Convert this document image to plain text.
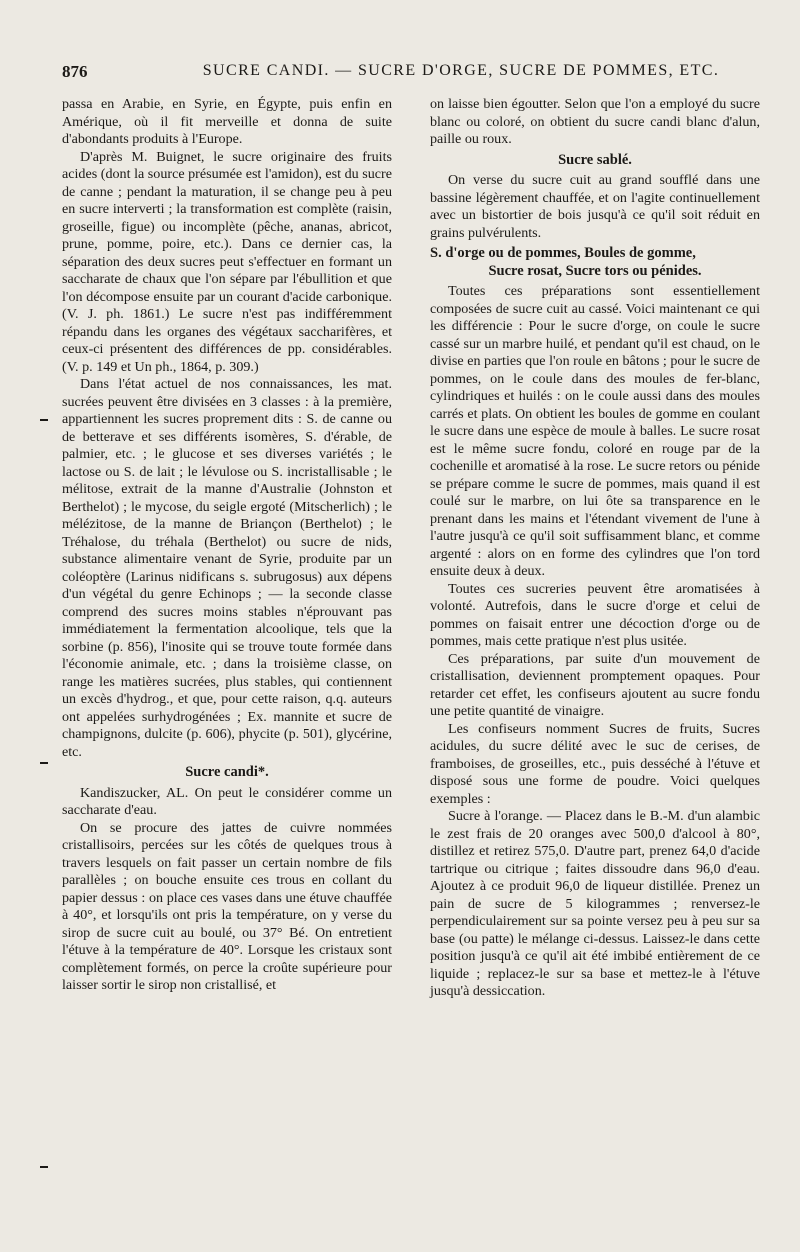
876	SUCRE CANDI. — SUCRE D'ORGE, SUCRE DE POMMES, ETC.

passa en Arabie, en Syrie, en Égypte, puis enfin en Amérique, où il fit merveille et donna de suite d'abondants produits à l'Europe.

D'après M. Buignet, le sucre originaire des fruits acides (dont la source présumée est l'amidon), est du sucre de canne ; pendant la maturation, il se change peu à peu en sucre interverti ; la transformation est complète (raisin, groseille, figue) ou incomplète (pêche, ananas, abricot, prune, pomme, poire, etc.). Dans ce dernier cas, la séparation des deux sucres peut s'effectuer en formant un saccharate de chaux que l'on sépare par l'ébullition et que l'on décompose ensuite par un courant d'acide carbonique. (V. J. ph. 1861.) Le sucre n'est pas indifféremment répandu dans les organes des végétaux saccharifères, et ceux-ci présentent des différences de pp. considérables. (V. p. 149 et Un ph., 1864, p. 309.)

Dans l'état actuel de nos connaissances, les mat. sucrées peuvent être divisées en 3 classes : à la première, appartiennent les sucres proprement dits : S. de canne ou de betterave et ses différents isomères, S. d'érable, de palmier, etc. ; le glucose et ses diverses variétés ; le lactose ou S. de lait ; le lévulose ou S. incristallisable ; le mélitose, extrait de la manne d'Australie (Johnston et Berthelot) ; le mycose, du seigle ergoté (Mitscherlich) ; le mélézitose, de la manne de Briançon (Berthelot) ; le Tréhalose, du tréhala (Berthelot) ou sucre de nids, substance alimentaire venant de Syrie, produite par un coléoptère (Larinus nidificans s. subrugosus) aux dépens d'un végétal du genre Echinops ; — la seconde classe comprend des sucres moins stables n'éprouvant pas immédiatement la fermentation alcoolique, tels que la sorbine (p. 856), l'inosite qui se trouve toute formée dans l'économie animale, etc. ; dans la troisième classe, on range les matières sucrées, plus stables, qui contiennent un excès d'hydrog., et que, pour cette raison, q.q. auteurs ont appelées surhydrogénées ; Ex. mannite et sucre de champignons, dulcite (p. 606), phycite (p. 501), glycérine, etc.

Sucre candi*.

Kandiszucker, AL. On peut le considérer comme un saccharate d'eau.

On se procure des jattes de cuivre nommées cristallisoirs, percées sur les côtés de quelques trous à travers lesquels on fait passer un certain nombre de fils parallèles ; on bouche ensuite ces trous en collant du papier dessus : on place ces vases dans une étuve chauffée à 40°, et lorsqu'ils ont pris la température, on y verse du sirop de sucre cuit au boulé, ou 37° Bé. On entretient l'étuve à la température de 40°. Lorsque les cristaux sont complètement formés, on perce la croûte supérieure pour laisser sortir le sirop non cristallisé, et

on laisse bien égoutter. Selon que l'on a employé du sucre blanc ou coloré, on obtient du sucre candi blanc d'alun, paille ou roux.

Sucre sablé.

On verse du sucre cuit au grand soufflé dans une bassine légèrement chauffée, et on l'agite continuellement avec un bistortier de bois jusqu'à ce qu'il soit réduit en grains pulvérulents.

S. d'orge ou de pommes, Boules de gomme,
Sucre rosat, Sucre tors ou pénides.

Toutes ces préparations sont essentiellement composées de sucre cuit au cassé. Voici maintenant ce qui les différencie : Pour le sucre d'orge, on coule le sucre cassé sur un marbre huilé, et pendant qu'il est chaud, on le divise en parties que l'on roule en bâtons ; pour le sucre de pommes, on le coule dans des moules de fer-blanc, cylindriques et huilés : on le coule aussi dans des moules carrés et plats. On obtient les boules de gomme en coulant le sucre dans une espèce de moule à balles. Le sucre rosat est le même sucre fondu, coloré en rouge par de la cochenille et aromatisé à la rose. Le sucre retors ou pénide se prépare comme le sucre de pommes, mais quand il est coulé sur le marbre, on lui ôte sa transparence en le prenant dans les mains et l'étendant vivement de l'une à l'autre jusqu'à ce qu'il soit suffisamment blanc, et comme argenté : alors on en forme des cylindres que l'on tord ensuite deux à deux.

Toutes ces sucreries peuvent être aromatisées à volonté. Autrefois, dans le sucre d'orge et celui de pommes on faisait entrer une décoction d'orge ou de pommes, mais cette pratique n'est plus usitée.

Ces préparations, par suite d'un mouvement de cristallisation, deviennent promptement opaques. Pour retarder cet effet, les confiseurs ajoutent au sucre fondu une petite quantité de vinaigre.

Les confiseurs nomment Sucres de fruits, Sucres acidules, du sucre délité avec le suc de cerises, de framboises, de groseilles, etc., puis desséché à l'étuve et disposé sous une forme de poudre. Voici quelques exemples :

Sucre à l'orange. — Placez dans le B.-M. d'un alambic le zest frais de 20 oranges avec 500,0 d'alcool à 80°, distillez et retirez 575,0. D'autre part, prenez 64,0 d'acide tartrique ou citrique ; faites dissoudre dans 96,0 d'eau. Ajoutez à ce produit 96,0 de liqueur distillée. Prenez un pain de sucre de 5 kilogrammes ; renversez-le perpendiculairement sur sa pointe versez peu à peu sur sa base (ou patte) le mélange ci-dessus. Laissez-le dans cette position jusqu'à ce qu'il ait été imbibé entièrement de ce liquide ; replacez-le sur sa base et mettez-le à l'étuve jusqu'à dessiccation.
